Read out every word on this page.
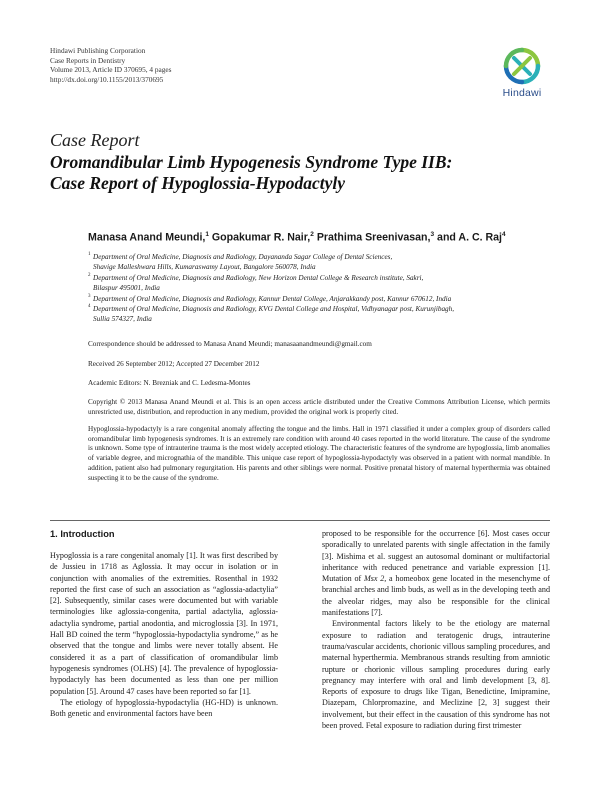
Hindawi Publishing Corporation
Case Reports in Dentistry
Volume 2013, Article ID 370695, 4 pages
http://dx.doi.org/10.1155/2013/370695
Hindawi
Case Report
Oromandibular Limb Hypogenesis Syndrome Type IIB:
Case Report of Hypoglossia-Hypodactyly
Manasa Anand Meundi,$^1$ Gopakumar R. Nair,$^2$ Prathima Sreenivasan,$^3$ and A. C. Raj$^4$
1 Department of Oral Medicine, Diagnosis and Radiology, Dayananda Sagar College of Dental Sciences,
Shavige Malleshwara Hills, Kumaraswamy Layout, Bangalore 560078, India
2 Department of Oral Medicine, Diagnosis and Radiology, New Horizon Dental College & Research institute, Sakri,
Bilaspur 495001, India
3 Department of Oral Medicine, Diagnosis and Radiology, Kannur Dental College, Anjarakkandy post, Kannur 670612, India
4 Department of Oral Medicine, Diagnosis and Radiology, KVG Dental College and Hospital, Vidhyanagar post, Kurunjibagh,
Sullia 574327, India
Correspondence should be addressed to Manasa Anand Meundi; manasaanandmeundi@gmail.com
Received 26 September 2012; Accepted 27 December 2012
Academic Editors: N. Brezniak and C. Ledesma-Montes
Copyright © 2013 Manasa Anand Meundi et al. This is an open access article distributed under the Creative Commons Attribution License, which permits unrestricted use, distribution, and reproduction in any medium, provided the original work is properly cited.
Hypoglossia-hypodactyly is a rare congenital anomaly affecting the tongue and the limbs. Hall in 1971 classified it under a complex group of disorders called oromandibular limb hypogenesis syndromes. It is an extremely rare condition with around 40 cases reported in the world literature. The cause of the syndrome is unknown. Some type of intrauterine trauma is the most widely accepted etiology. The characteristic features of the syndrome are hypoglossia, limb anomalies of variable degree, and micrognathia of the mandible. This unique case report of hypoglossia-hypodactyly was observed in a patient with normal mandible. In addition, patient also had pulmonary regurgitation. His parents and other siblings were normal. Positive prenatal history of maternal hyperthermia was obtained suspecting it to be the cause of the syndrome.
1. Introduction

Hypoglossia is a rare congenital anomaly [1]. It was first described by de Jussieu in 1718 as Aglossia. It may occur in isolation or in conjunction with anomalies of the extremities. Rosenthal in 1932 reported the first case of such an association as “aglossia-adactylia” [2]. Subsequently, similar cases were documented but with variable terminologies like aglossia-congenita, partial adactylia, aglossia-adactylia syndrome, partial anodontia, and microglossia [3]. In 1971, Hall BD coined the term “hypoglossia-hypodactylia syndrome,” as he observed that the tongue and limbs were never totally absent. He considered it as a part of classification of oromandibular limb hypogenesis syndromes (OLHS) [4]. The prevalence of hypoglossia-hypodactyly has been documented as less than one per million population [5]. Around 47 cases have been reported so far [1].

The etiology of hypoglossia-hypodactylia (HG-HD) is unknown. Both genetic and environmental factors have been

proposed to be responsible for the occurrence [6]. Most cases occur sporadically to unrelated parents with single affectation in the family [3]. Mishima et al. suggest an autosomal dominant or multifactorial inheritance with reduced penetrance and variable expression [1]. Mutation of Msx 2, a homeobox gene located in the mesenchyme of branchial arches and limb buds, as well as in the developing teeth and the alveolar ridges, may also be responsible for the clinical manifestations [7].

Environmental factors likely to be the etiology are maternal exposure to radiation and teratogenic drugs, intrauterine trauma/vascular accidents, chorionic villous sampling procedures, and maternal hyperthermia. Membranous strands resulting from amniotic rupture or chorionic villous sampling procedures during early pregnancy may interfere with oral and limb development [3, 8]. Reports of exposure to drugs like Tigan, Benedictine, Imipramine, Diazepam, Chlorpromazine, and Meclizine [2, 3] suggest their involvement, but their effect in the causation of this syndrome has not been proved. Fetal exposure to radiation during first trimester
